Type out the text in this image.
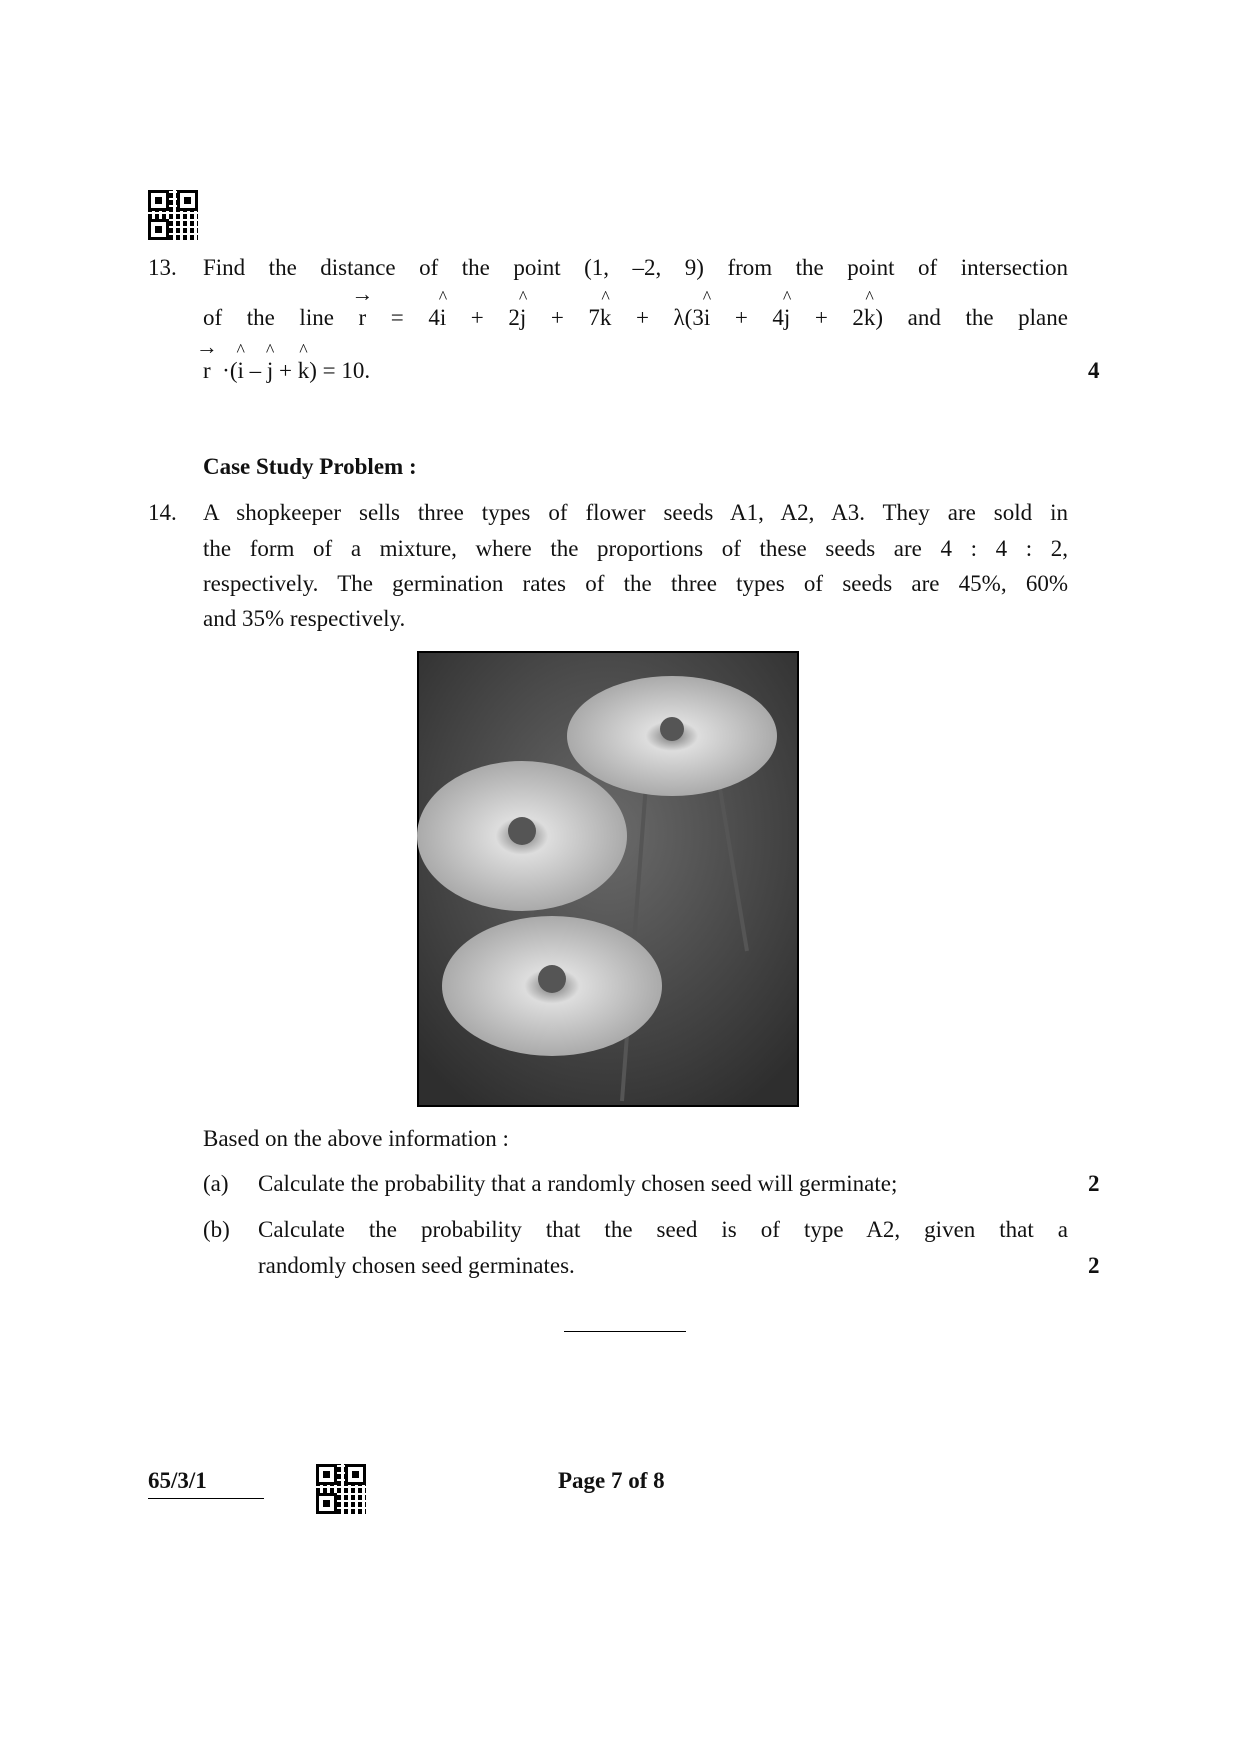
13. Find the distance of the point (1, –2, 9) from the point of intersection
of the line → r = 4^ i + 2^ j + 7^ k + λ(3^ i + 4^ j + 2^ k) and the plane
→ r  ·(^ i – ^ j + ^ k) = 10.	4
Case Study Problem :
14. A shopkeeper sells three types of flower seeds A1, A2, A3. They are sold in
the form of a mixture, where the proportions of these seeds are 4 : 4 : 2,
respectively. The germination rates of the three types of seeds are 45%, 60%
and 35% respectively.
Based on the above information :
(a) Calculate the probability that a randomly chosen seed will germinate;	2
(b) Calculate the probability that the seed is of type A2, given that a
randomly chosen seed germinates.	2
65/3/1	Page 7 of 8
